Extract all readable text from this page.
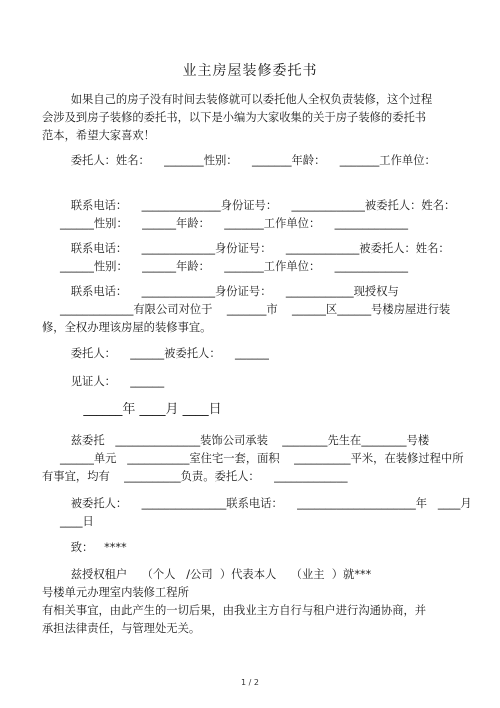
业主房屋装修委托书
如果自己的房子没有时间去装修就可以委托他人全权负责装修，这个过程
会涉及到房子装修的委托书，以下是小编为大家收集的关于房子装修的委托书
范本，希望大家喜欢！
委托人：姓名：    _______性别：    _______年龄：    _______工作单位：
联系电话：    ______________身份证号：    _____________被委托人：姓名：
______性别：    ______年龄：    _______工作单位：    _____________
联系电话：    _____________身份证号：    _____________被委托人：姓名：
______性别：    ______年龄：    _______工作单位：    _____________
联系电话：    _____________身份证号：    ____________现授权与
_____________有限公司对位于    _______市    ______区______号楼房屋进行装
修，全权办理该房屋的装修事宜。
委托人：    ______被委托人：    ______
见证人：    ______
______年 ____月 ____日
兹委托   _______________装饰公司承装    ________先生在________号楼
______单元   ___________室住宅一套，面积    __________平米，在装修过程中所
有事宜，均有    __________负责。委托人：    _____________
被委托人：    _______________联系电话：    _____________________年   ____月
____日
致：   ****
兹授权租户    （个人   /公司  ）代表本人    （业主  ）就***
号楼单元办理室内装修工程所
有相关事宜，由此产生的一切后果，由我业主方自行与租户进行沟通协商，并
承担法律责任，与管理处无关。
1 / 2
